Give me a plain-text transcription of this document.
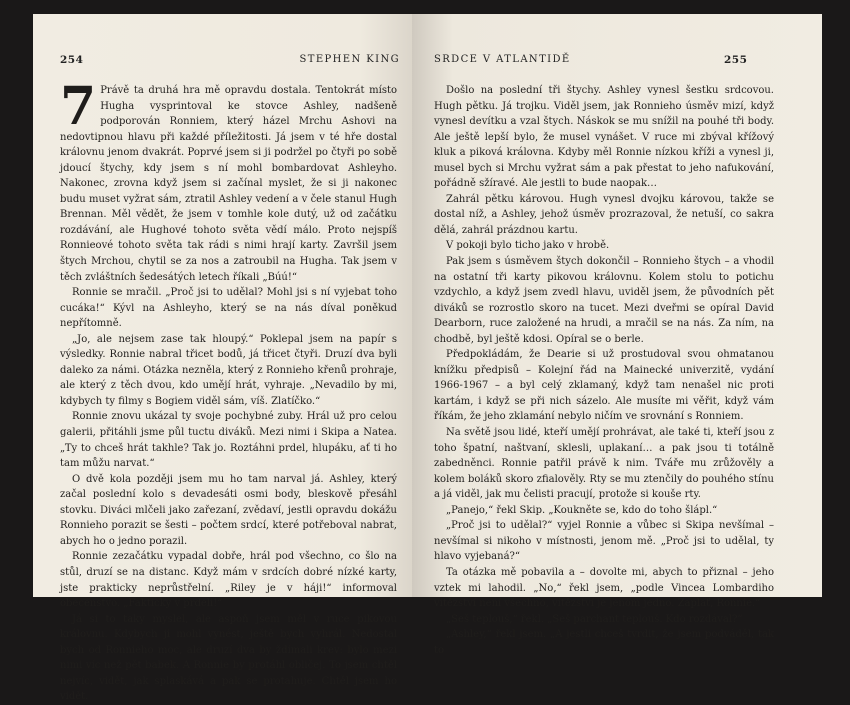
254	STEPHEN KING

7 Právě ta druhá hra mě opravdu dostala. Tentokrát místo Hugha vysprintoval ke stovce Ashley, nadšeně podporován Ronniem, který házel Mrchu Ashovi na nedovtipnou hlavu při každé příležitosti. Já jsem v té hře dostal královnu jenom dvakrát. Poprvé jsem si ji podržel po čtyři po sobě jdoucí štychy, kdy jsem s ní mohl bombardovat Ashleyho. Nakonec, zrovna když jsem si začínal myslet, že si ji nakonec budu muset vyžrat sám, ztratil Ashley vedení a v čele stanul Hugh Brennan. Měl vědět, že jsem v tomhle kole dutý, už od začátku rozdávání, ale Hughové tohoto světa vědí málo. Proto nejspíš Ronnieové tohoto světa tak rádi s nimi hrají karty. Završil jsem štych Mrchou, chytil se za nos a zatroubil na Hugha. Tak jsem v těch zvláštních šedesátých letech říkali „Búú!“

Ronnie se mračil. „Proč jsi to udělal? Mohl jsi s ní vyjebat toho cucáka!“ Kývl na Ashleyho, který se na nás díval poněkud nepřítomně.

„Jo, ale nejsem zase tak hloupý.“ Poklepal jsem na papír s výsledky. Ronnie nabral třicet bodů, já třicet čtyři. Druzí dva byli daleko za námi. Otázka nezněla, který z Ronnieho křenů prohraje, ale který z těch dvou, kdo umějí hrát, vyhraje. „Nevadilo by mi, kdybych ty filmy s Bogiem viděl sám, víš. Zlatíčko.“

Ronnie znovu ukázal ty svoje pochybné zuby. Hrál už pro celou galerii, přitáhli jsme půl tuctu diváků. Mezi nimi i Skipa a Natea. „Ty to chceš hrát takhle? Tak jo. Roztáhni prdel, hlupáku, ať ti ho tam můžu narvat.“

O dvě kola později jsem mu ho tam narval já. Ashley, který začal poslední kolo s devadesáti osmi body, bleskově přesáhl stovku. Diváci mlčeli jako zařezaní, zvědaví, jestli opravdu dokážu Ronnieho porazit se šesti – počtem srdcí, které potřeboval nabrat, abych ho o jedno porazil.

Ronnie zezačátku vypadal dobře, hrál pod všechno, co šlo na stůl, druzí se na distanc. Když mám v srdcích dobré nízké karty, jste prakticky neprůstřelní. „Riley je v háji!“ informoval obecenstvo. „Fakticky v prdeli!“

Já si to taky myslel, ale aspoň jsem měl v ruce pikovou královnu. Kdybych ji mohl vynést, ještě bych vyhrál. Nedostal bych od Ronnieho moc, ale druzí dva by ždímali krev: bylo mezi nimi víc než pět babek. A Ronnie by protáhl obličej. To jsem chtěl nejvíc, vidět, jak splaskává a pak se protahuje. Chtěl jsem ho vidět.

SRDCE V ATLANTIDĚ	255

Došlo na poslední tři štychy. Ashley vynesl šestku srdcovou. Hugh pětku. Já trojku. Viděl jsem, jak Ronnieho úsměv mizí, když vynesl devítku a vzal štych. Náskok se mu snížil na pouhé tři body. Ale ještě lepší bylo, že musel vynášet. V ruce mi zbýval křížový kluk a piková královna. Kdyby měl Ronnie nízkou kříži a vynesl ji, musel bych si Mrchu vyžrat sám a pak přestat to jeho nafukování, pořádně sžíravé. Ale jestli to bude naopak…

Zahrál pětku károvou. Hugh vynesl dvojku károvou, takže se dostal níž, a Ashley, jehož úsměv prozrazoval, že netuší, co sakra dělá, zahrál prázdnou kartu.

V pokoji bylo ticho jako v hrobě.

Pak jsem s úsměvem štych dokončil – Ronnieho štych – a vhodil na ostatní tři karty pikovou královnu. Kolem stolu to potichu vzdychlo, a když jsem zvedl hlavu, uviděl jsem, že původních pět diváků se rozrostlo skoro na tucet. Mezi dveřmi se opíral David Dearborn, ruce založené na hrudi, a mračil se na nás. Za ním, na chodbě, byl ještě kdosi. Opíral se o berle.

Předpokládám, že Dearie si už prostudoval svou ohmatanou knížku předpisů – Kolejní řád na Mainecké univerzitě, vydání 1966-1967 – a byl celý zklamaný, když tam nenašel nic proti kartám, i když se při nich sázelo. Ale musíte mi věřit, když vám říkám, že jeho zklamání nebylo ničím ve srovnání s Ronniem.

Na světě jsou lidé, kteří umějí prohrávat, ale také ti, kteří jsou z toho špatní, naštvaní, sklesli, uplakaní… a pak jsou ti totálně zabedněnci. Ronnie patřil právě k nim. Tváře mu zrůžověly a kolem boláků skoro zfialověly. Rty se mu ztenčily do pouhého stínu a já viděl, jak mu čelisti pracují, protože si kouše rty.

„Panejo,“ řekl Skip. „Koukněte se, kdo do toho šlápl.“

„Proč jsi to udělal?“ vyjel Ronnie a vůbec si Skipa nevšímal – nevšímal si nikoho v místnosti, jenom mě. „Proč jsi to udělal, ty hlavo vyjebaná?“

Ta otázka mě pobavila a – dovolte mi, abych to přiznal – jeho vztek mi lahodil. „No,“ řekl jsem, „podle Vincea Lombardiho vítězství není všechno, vítězství je jenom jedno. Zaplať, Ronnie.“

„Seš teplouš,“ řekl. „Seš parchant teplouš. Kdo rozdával?“

„Ashley,“ řekl jsem. „A jestli chceš tvrdit, že jsem podváděl, tak to
